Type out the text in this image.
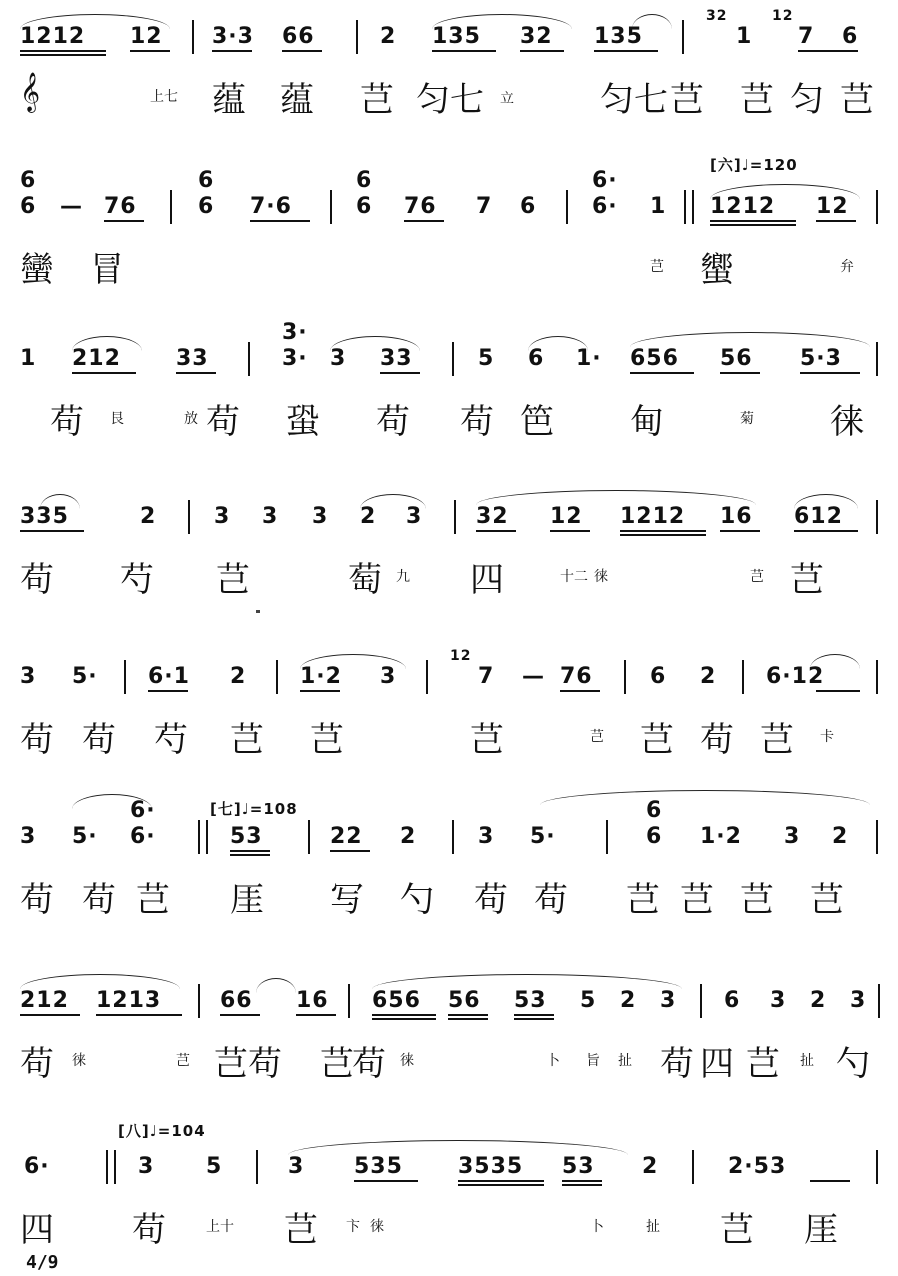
1212 12 3·3 66	2 135 32 135	1 7 6
32	12
𝄞	上七 蕴 蕴 芑 匀七 立	匀七 芑 芑 匀 芑
6	6	6	6·
[六]♩=120
6 — 76	6 7·6	6 76 7 6	6· 1 1212 12
蠻 冒	芑 蠁	弁
3·
1 212	33	3· 3 33	5 6 1· 656 56 5·3
苟 艮	放 苟 蛩 苟 苟 笆 甸	菊 徕
335	2	3 3 3 2 3 32 12 1212 16 612
苟 芍 芑	萄 九 四	十二 徕	芑 芑
3 5· 6·1 2 1·2 3
12
7 — 76	6 2 6·12
苟 苟 芍 芑 芑	芑	芑 芑 苟 芑 卡
6·	[七]♩=108	6
3 5· 6·	53	22 2	3 5·	6 1·2 3 2
苟 苟 芑 厓 写 勺 苟 苟 芑 芑 芑 芑
212 1213	66 16 656 56 53 5 2 3 6 3 2 3
苟 徕	芑 芑 苟 芑
苟 徕	卜 旨 扯 苟 四 芑 扯 勺
[八]♩=104
6·	3 5	3 535	3535 53 2	2·53
四 苟	上十 芑 卞 徕	卜	扯 芑 厓
4/9
